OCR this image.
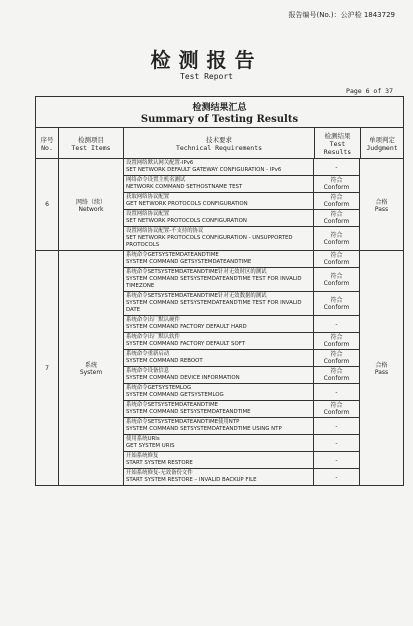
报告编号(No.)：公沪检 1843729
检测报告
Test Report
Page 6 of 37
检测结果汇总
Summary of Testing Results
序号
No.
检测项目
Test Items
技术要求
Technical Requirements
检测结果
Test Results
单项判定
Judgment
6	网络（续）
Network
设置网络默认网关配置-IPv6
SET NETWORK DEFAULT GATEWAY CONFIGURATION - IPv6	-
网络命令设置主机名测试
NETWORK COMMAND SETHOSTNAME TEST
符合
Conform
获取网络协议配置
GET NETWORK PROTOCOLS CONFIGURATION
符合
Conform
设置网络协议配置
SET NETWORK PROTOCOLS CONFIGURATION
符合
Conform
设置网络协议配置-不支持的协议
SET NETWORK PROTOCOLS CONFIGURATION - UNSUPPORTED PROTOCOLS
符合
Conform
合格
Pass
7	系统
System
系统命令GETSYSTEMDATEANDTIME
SYSTEM COMMAND GETSYSTEMDATEANDTIME
符合
Conform
系统命令SETSYSTEMDATEANDTIME针对无效时区的测试
SYSTEM COMMAND SETSYSTEMDATEANDTIME TEST FOR INVALID TIMEZONE
符合
Conform
系统命令SETSYSTEMDATEANDTIME针对无效数据的测试
SYSTEM COMMAND SETSYSTEMDATEANDTIME TEST FOR INVALID DATE
符合
Conform
系统命令出厂默认硬件
SYSTEM COMMAND FACTORY DEFAULT HARD	-
系统命令出厂默认软件
SYSTEM COMMAND FACTORY DEFAULT SOFT
符合
Conform
系统命令重新启动
SYSTEM COMMAND REBOOT
符合
Conform
系统命令设备信息
SYSTEM COMMAND DEVICE INFORMATION
符合
Conform
系统命令GETSYSTEMLOG
SYSTEM COMMAND GETSYSTEMLOG	-
系统命令SETSYSTEMDATEANDTIME
SYSTEM COMMAND SETSYSTEMDATEANDTIME
符合
Conform
系统命令SETSYSTEMDATEANDTIME使用NTP
SYSTEM COMMAND SETSYSTEMDATEANDTIME USING NTP	-
使用系统URIs
GET SYSTEM URIS	-
开始系统修复
START SYSTEM RESTORE	-
开始系统修复-无效备份文件
START SYSTEM RESTORE – INVALID BACKUP FILE	-
合格
Pass
